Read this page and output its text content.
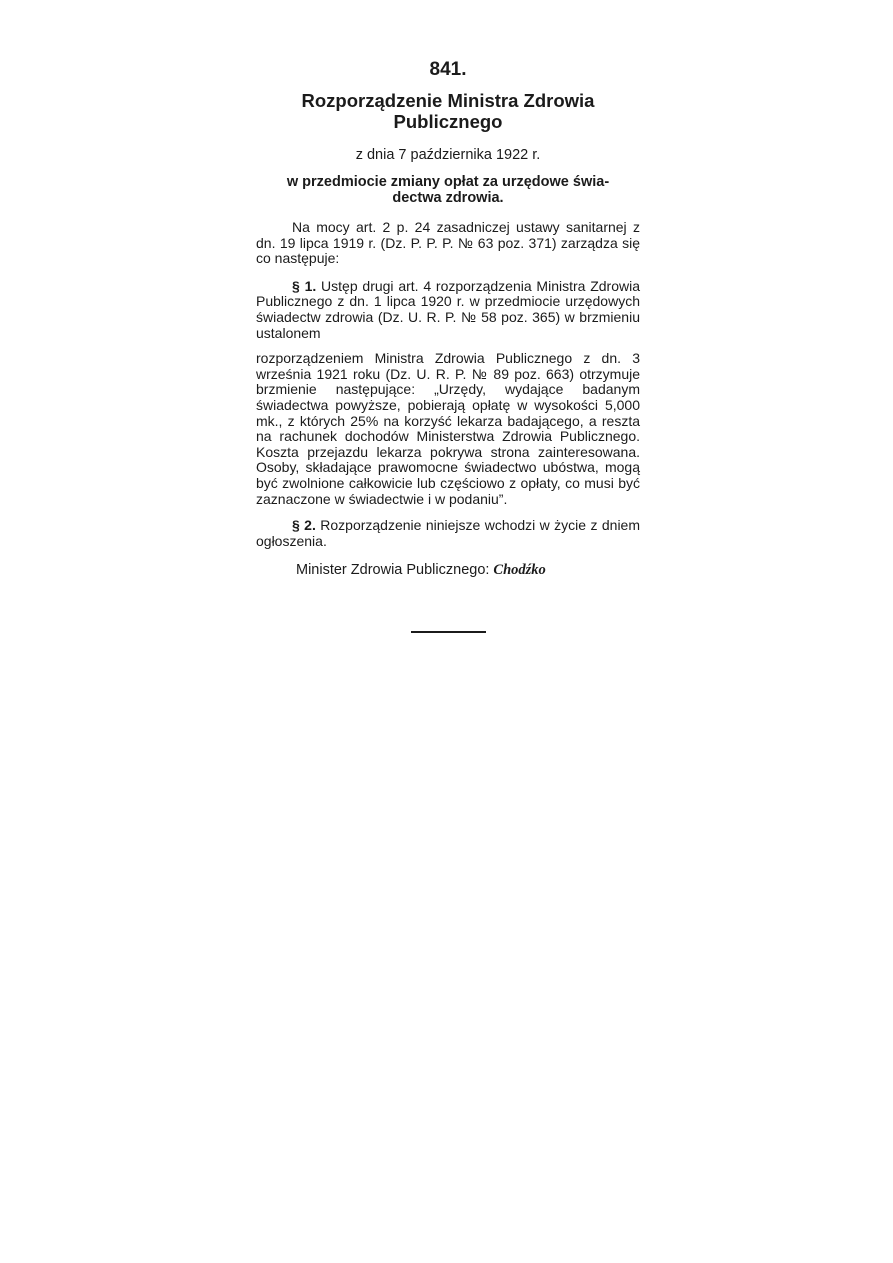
841.
Rozporządzenie Ministra Zdrowia
Publicznego
z dnia 7 października 1922 r.
w przedmiocie zmiany opłat za urzędowe świa-
dectwa zdrowia.

Na mocy art. 2 p. 24 zasadniczej ustawy sanitarnej z dn. 19 lipca 1919 r. (Dz. P. P. P. № 63 poz. 371) zarządza się co następuje:

§ 1. Ustęp drugi art. 4 rozporządzenia Ministra Zdrowia Publicznego z dn. 1 lipca 1920 r. w przedmiocie urzędowych świadectw zdrowia (Dz. U. R. P. № 58 poz. 365) w brzmieniu ustalonem

rozporządzeniem Ministra Zdrowia Publicznego z dn. 3 września 1921 roku (Dz. U. R. P. № 89 poz. 663) otrzymuje brzmienie następujące: „Urzędy, wydające badanym świadectwa powyższe, pobierają opłatę w wysokości 5,000 mk., z których 25% na korzyść lekarza badającego, a reszta na rachunek dochodów Ministerstwa Zdrowia Publicznego. Koszta przejazdu lekarza pokrywa strona zainteresowana. Osoby, składające prawomocne świadectwo ubóstwa, mogą być zwolnione całkowicie lub częściowo z opłaty, co musi być zaznaczone w świadectwie i w podaniu”.

§ 2. Rozporządzenie niniejsze wchodzi w życie z dniem ogłoszenia.

Minister Zdrowia Publicznego: Chodźko
